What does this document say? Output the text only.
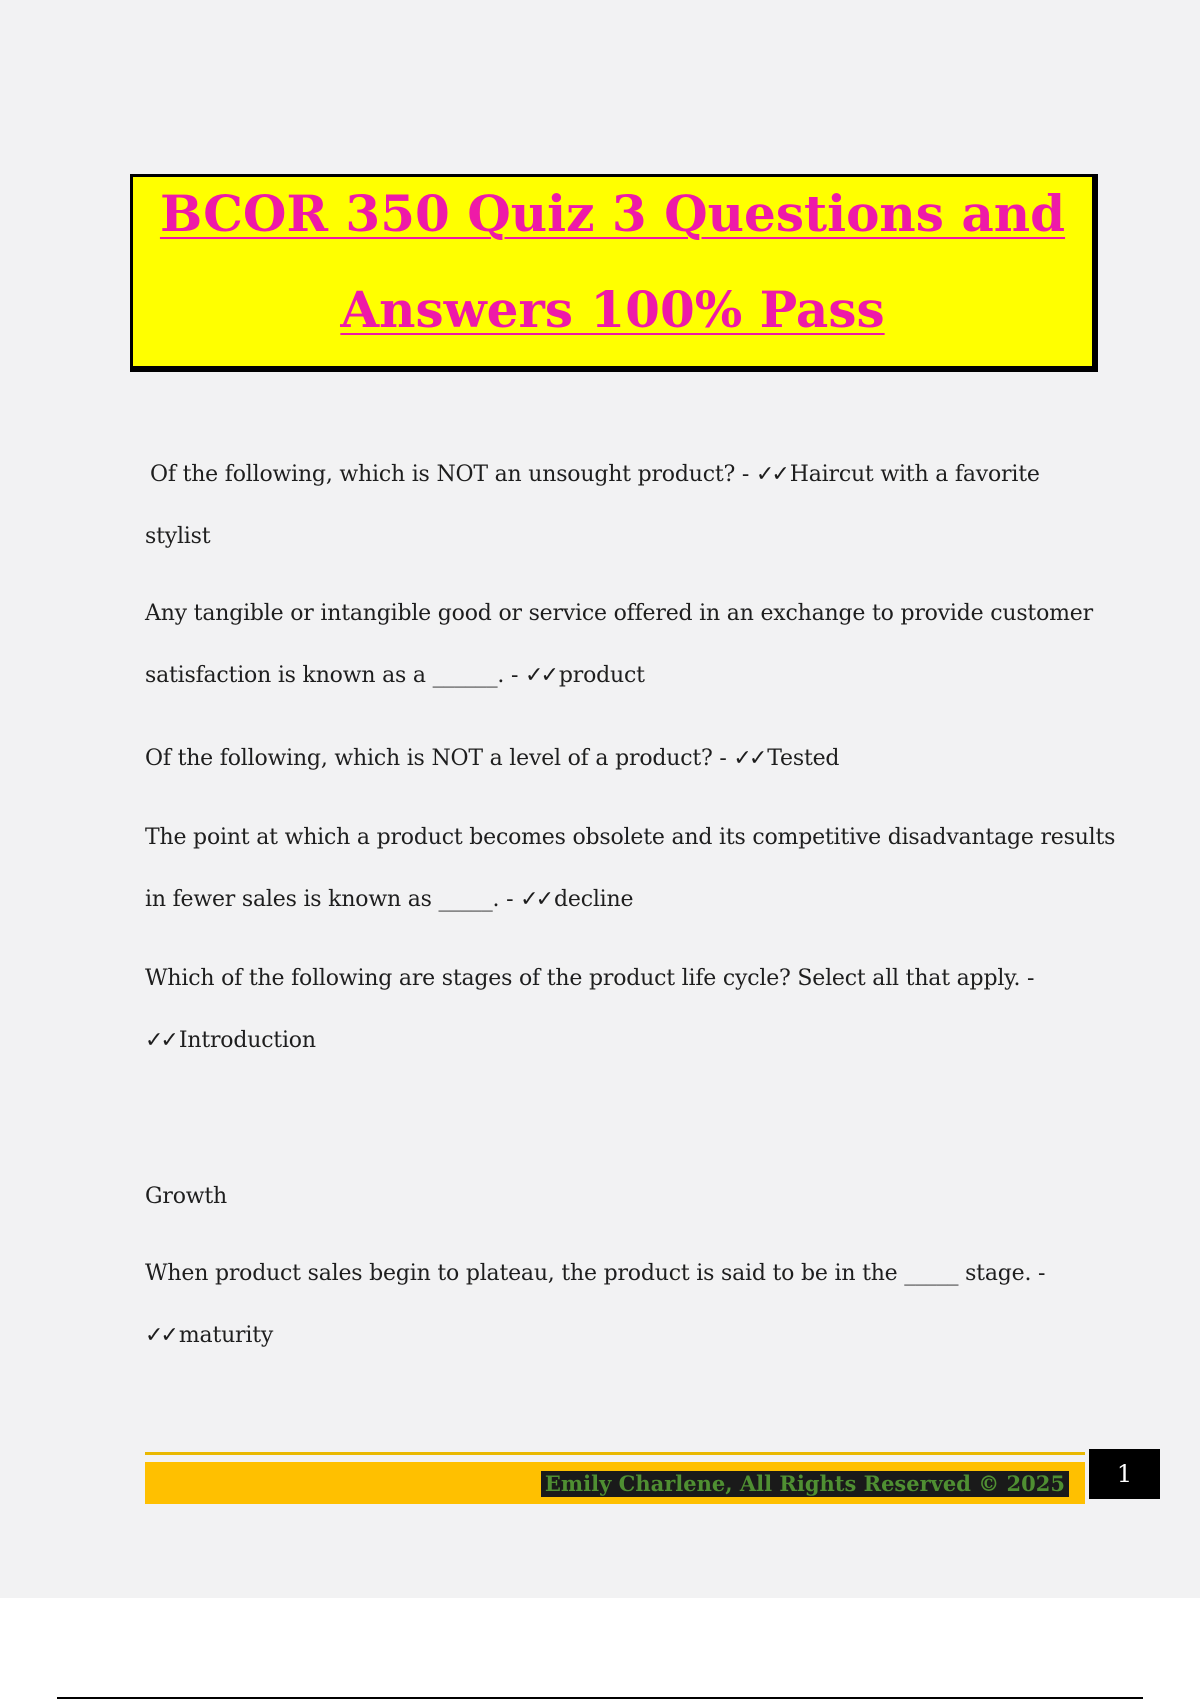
BCOR 350 Quiz 3 Questions and
Answers 100% Pass
Of the following, which is NOT an unsought product? - ✓✓ Haircut with a favorite
stylist
Any tangible or intangible good or service offered in an exchange to provide customer
satisfaction is known as a ______. - ✓✓ product
Of the following, which is NOT a level of a product? - ✓✓ Tested
The point at which a product becomes obsolete and its competitive disadvantage results
in fewer sales is known as _____. - ✓✓ decline
Which of the following are stages of the product life cycle? Select all that apply. -
✓✓ Introduction
Growth
When product sales begin to plateau, the product is said to be in the _____ stage. -
✓✓ maturity
Emily Charlene, All Rights Reserved © 2025	1
